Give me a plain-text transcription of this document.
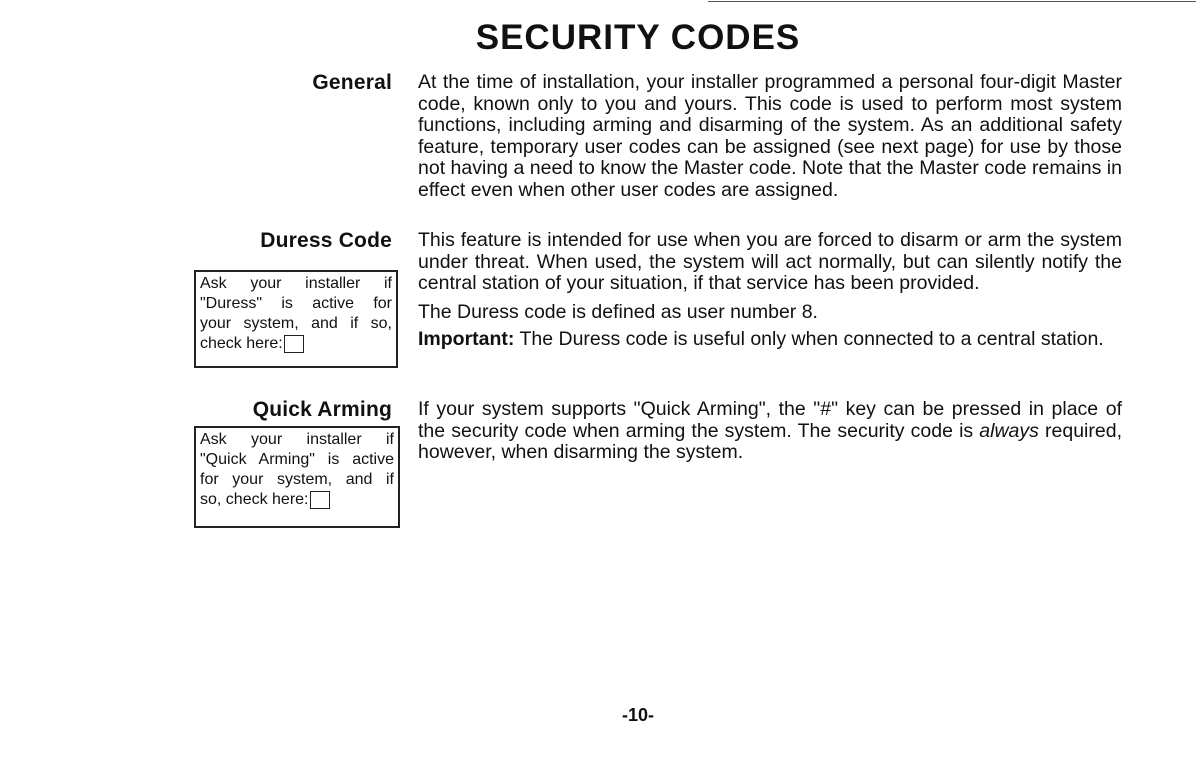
SECURITY CODES
General At the time of installation, your installer programmed a personal four-digit Master code, known only to you and yours. This code is used to perform most system functions, including arming and disarming of the system. As an additional safety feature, temporary user codes can be assigned (see next page) for use by those not having a need to know the Master code. Note that the Master code remains in effect even when other user codes are assigned.

Duress Code This feature is intended for use when you are forced to disarm or arm the system under threat. When used, the system will act normally, but can silently notify the central station of your situation, if that service has been provided.

The Duress code is defined as user number 8.

Important: The Duress code is useful only when connected to a central station.

Ask your installer if
"Duress" is active for
your system, and if so,
check here:
Quick Arming If your system supports "Quick Arming", the "#" key can be pressed in place of the security code when arming the system. The security code is always required, however, when disarming the system.

Ask your installer if
"Quick Arming" is active
for your system, and if
so, check here:
-10-
